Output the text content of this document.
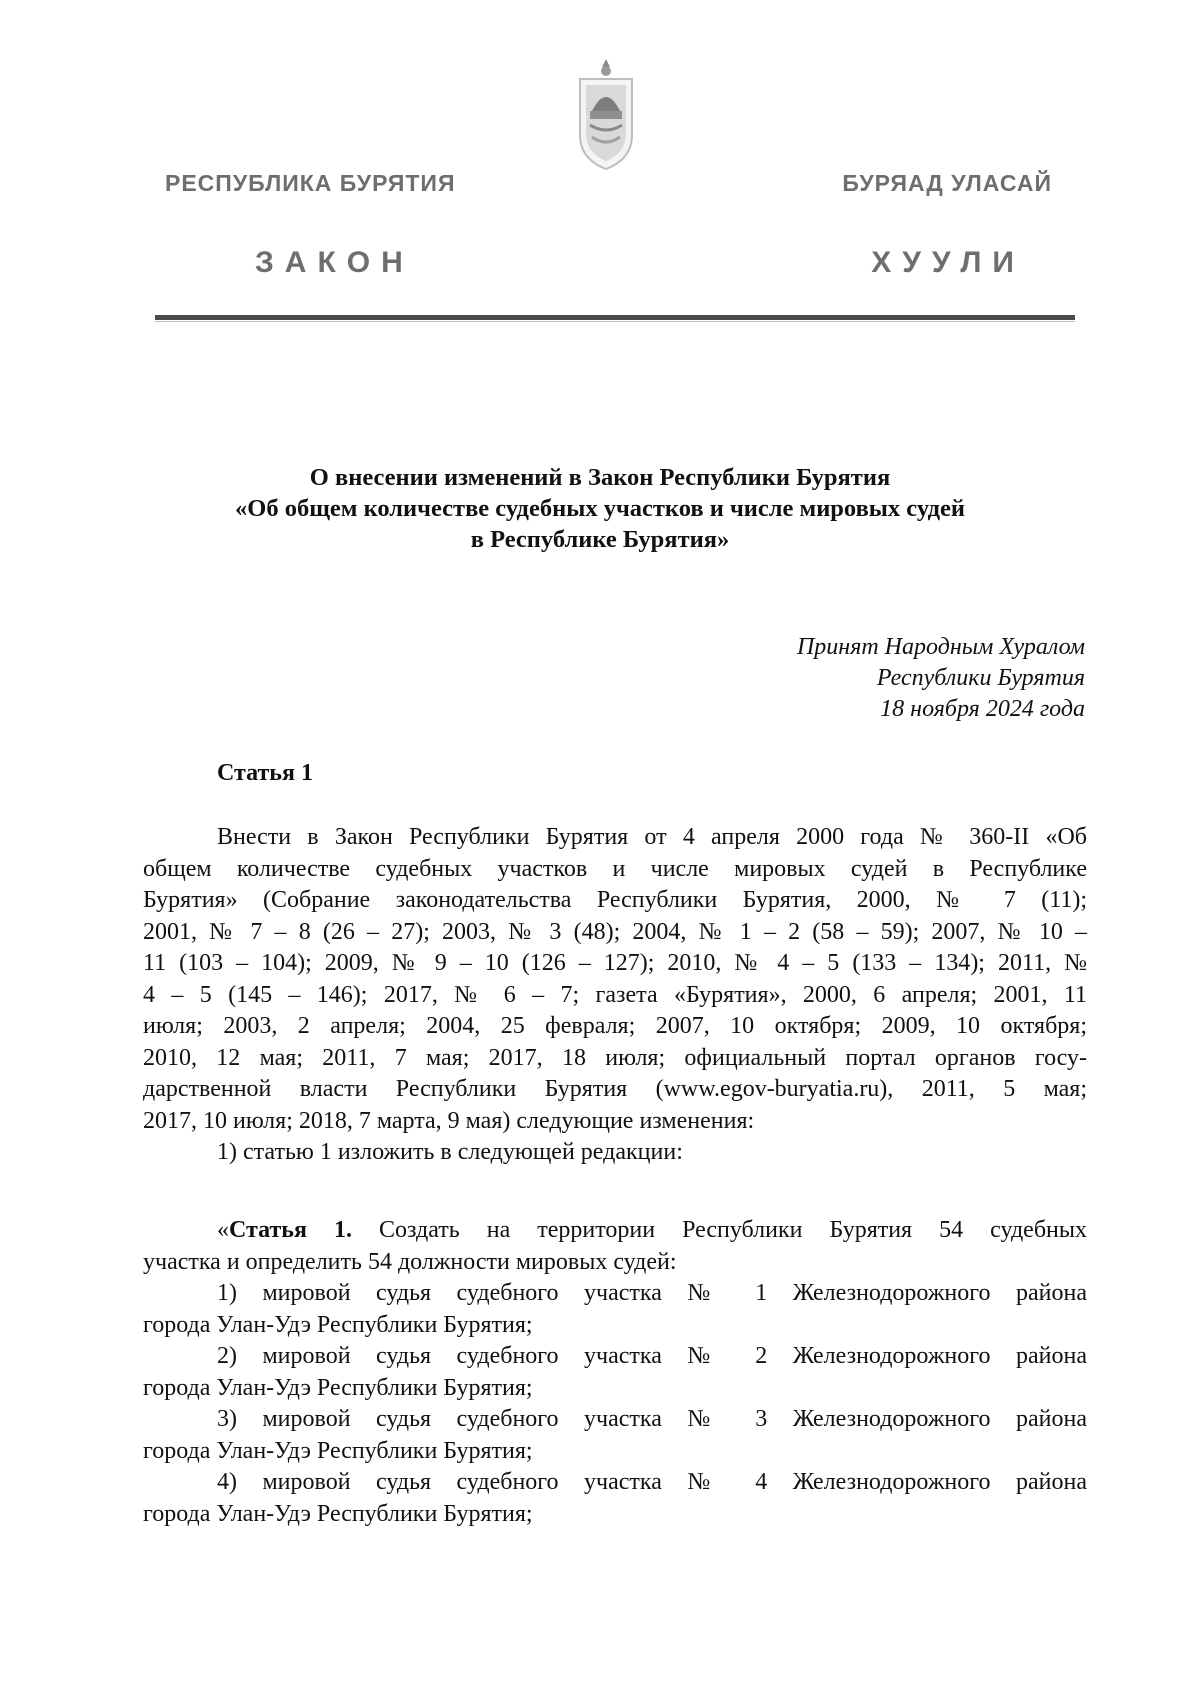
РЕСПУБЛИКА БУРЯТИЯ	БУРЯАД УЛАСАЙ
ЗАКОН	ХУУЛИ
О внесении изменений в Закон Республики Бурятия
«Об общем количестве судебных участков и числе мировых судей
в Республике Бурятия»
Принят Народным Хуралом
Республики Бурятия
18 ноября 2024 года
Статья 1
Внести в Закон Республики Бурятия от 4 апреля 2000 года № 360-II «Об
общем количестве судебных участков и числе мировых судей в Республике
Бурятия» (Собрание законодательства Республики Бурятия, 2000, № 7 (11);
2001, № 7 – 8 (26 – 27); 2003, № 3 (48); 2004, № 1 – 2 (58 – 59); 2007, № 10 –
11 (103 – 104); 2009, № 9 – 10 (126 – 127); 2010, № 4 – 5 (133 – 134); 2011, №
4 – 5 (145 – 146); 2017, № 6 – 7; газета «Бурятия», 2000, 6 апреля; 2001, 11
июля; 2003, 2 апреля; 2004, 25 февраля; 2007, 10 октября; 2009, 10 октября;
2010, 12 мая; 2011, 7 мая; 2017, 18 июля; официальный портал органов госу-
дарственной власти Республики Бурятия (www.egov-buryatia.ru), 2011, 5 мая;
2017, 10 июля; 2018, 7 марта, 9 мая) следующие изменения:
1) статью 1 изложить в следующей редакции:
«Статья 1. Создать на территории Республики Бурятия 54 судебных
участка и определить 54 должности мировых судей:
1) мировой судья судебного участка № 1 Железнодорожного района
города Улан-Удэ Республики Бурятия;
2) мировой судья судебного участка № 2 Железнодорожного района
города Улан-Удэ Республики Бурятия;
3) мировой судья судебного участка № 3 Железнодорожного района
города Улан-Удэ Республики Бурятия;
4) мировой судья судебного участка № 4 Железнодорожного района
города Улан-Удэ Республики Бурятия;
